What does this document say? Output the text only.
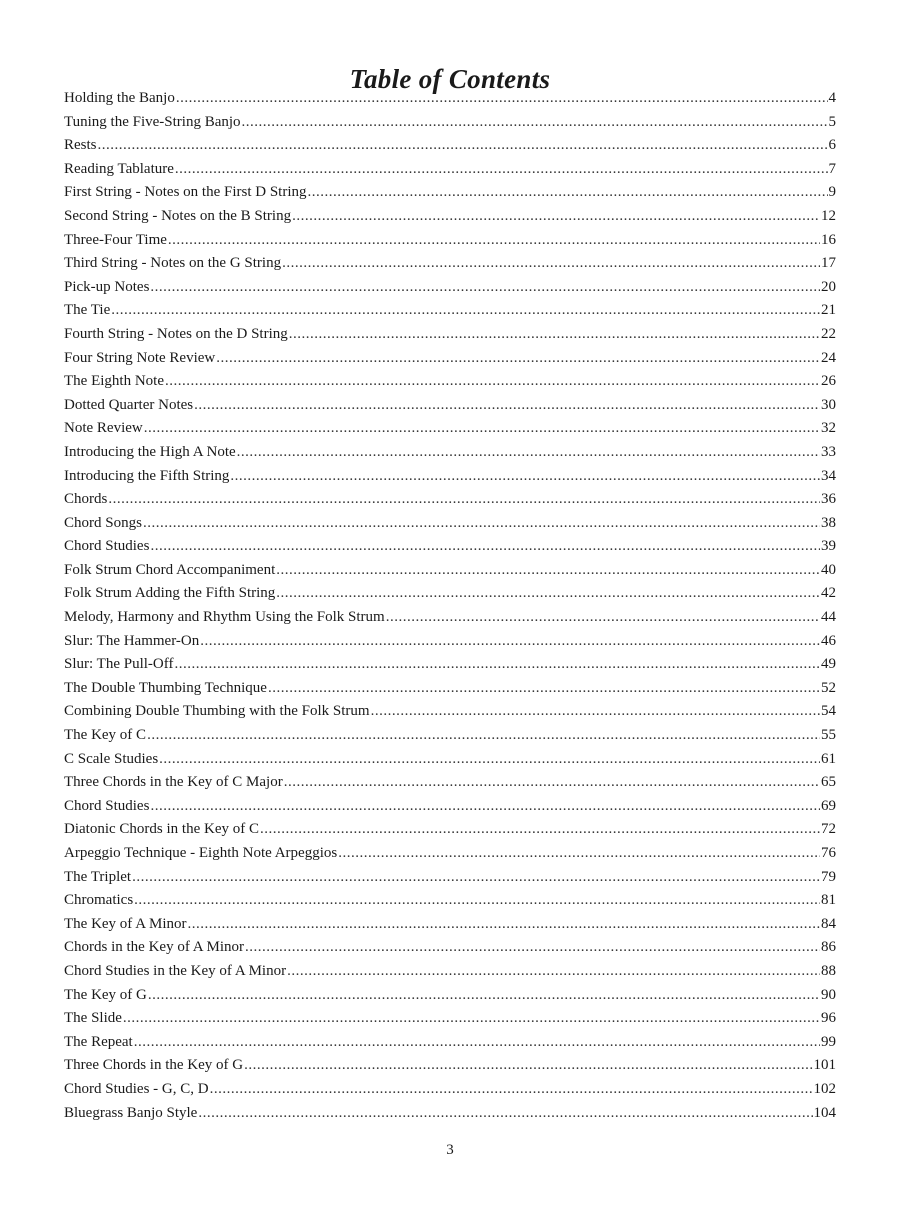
Table of Contents
Holding the Banjo .....	4
Tuning the Five-String Banjo .....	5
Rests .....	6
Reading Tablature .....	7
First String - Notes on the First D String .....	9
Second String - Notes on the B String .....	12
Three-Four Time .....	16
Third String - Notes on the G String .....	17
Pick-up Notes .....	20
The Tie .....	21
Fourth String - Notes on the D String .....	22
Four String Note Review .....	24
The Eighth Note .....	26
Dotted Quarter Notes .....	30
Note Review .....	32
Introducing the High A Note .....	33
Introducing the Fifth String .....	34
Chords .....	36
Chord Songs .....	38
Chord Studies .....	39
Folk Strum Chord Accompaniment .....	40
Folk Strum Adding the Fifth String .....	42
Melody, Harmony and Rhythm Using the Folk Strum .....	44
Slur: The Hammer-On .....	46
Slur: The Pull-Off .....	49
The Double Thumbing Technique .....	52
Combining Double Thumbing with the Folk Strum .....	54
The Key of C .....	55
C Scale Studies .....	61
Three Chords in the Key of C Major .....	65
Chord Studies .....	69
Diatonic Chords in the Key of C .....	72
Arpeggio Technique - Eighth Note Arpeggios .....	76
The Triplet .....	79
Chromatics .....	81
The Key of A Minor .....	84
Chords in the Key of A Minor .....	86
Chord Studies in the Key of A Minor .....	88
The Key of G .....	90
The Slide .....	96
The Repeat .....	99
Three Chords in the Key of G .....	101
Chord Studies - G, C, D .....	102
Bluegrass Banjo Style .....	104
3
